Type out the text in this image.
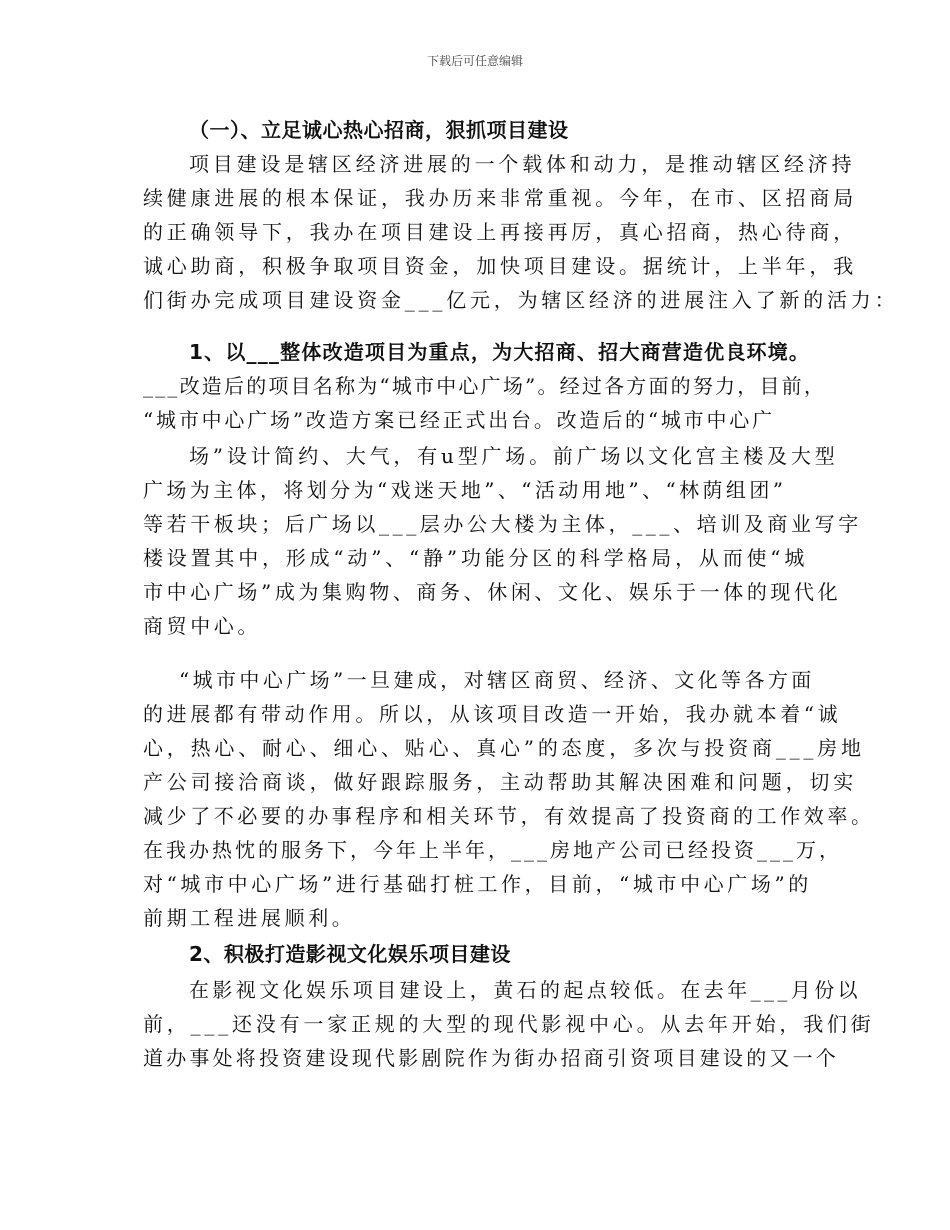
下载后可任意编辑
（一）、立足诚心热心招商，狠抓项目建设
项目建设是辖区经济进展的一个载体和动力，是推动辖区经济持
续健康进展的根本保证，我办历来非常重视。今年，在市、区招商局
的正确领导下，我办在项目建设上再接再厉，真心招商，热心待商，
诚心助商，积极争取项目资金，加快项目建设。据统计，上半年，我
们街办完成项目建设资金___亿元，为辖区经济的进展注入了新的活力：
1、以___整体改造项目为重点，为大招商、招大商营造优良环境。
___改造后的项目名称为“城市中心广场”。经过各方面的努力，目前，
“城市中心广场”改造方案已经正式出台。改造后的“城市中心广
场”设计简约、大气，有u型广场。前广场以文化宫主楼及大型
广场为主体，将划分为“戏迷天地”、“活动用地”、“林荫组团”
等若干板块；后广场以___层办公大楼为主体，___、培训及商业写字
楼设置其中，形成“动”、“静”功能分区的科学格局，从而使“城
市中心广场”成为集购物、商务、休闲、文化、娱乐于一体的现代化
商贸中心。
“城市中心广场”一旦建成，对辖区商贸、经济、文化等各方面
的进展都有带动作用。所以，从该项目改造一开始，我办就本着“诚
心，热心、耐心、细心、贴心、真心”的态度，多次与投资商___房地
产公司接洽商谈，做好跟踪服务，主动帮助其解决困难和问题，切实
减少了不必要的办事程序和相关环节，有效提高了投资商的工作效率。
在我办热忱的服务下，今年上半年，___房地产公司已经投资___万，
对“城市中心广场”进行基础打桩工作，目前，“城市中心广场”的
前期工程进展顺利。
2、积极打造影视文化娱乐项目建设
在影视文化娱乐项目建设上，黄石的起点较低。在去年___月份以
前，___还没有一家正规的大型的现代影视中心。从去年开始，我们街
道办事处将投资建设现代影剧院作为街办招商引资项目建设的又一个
